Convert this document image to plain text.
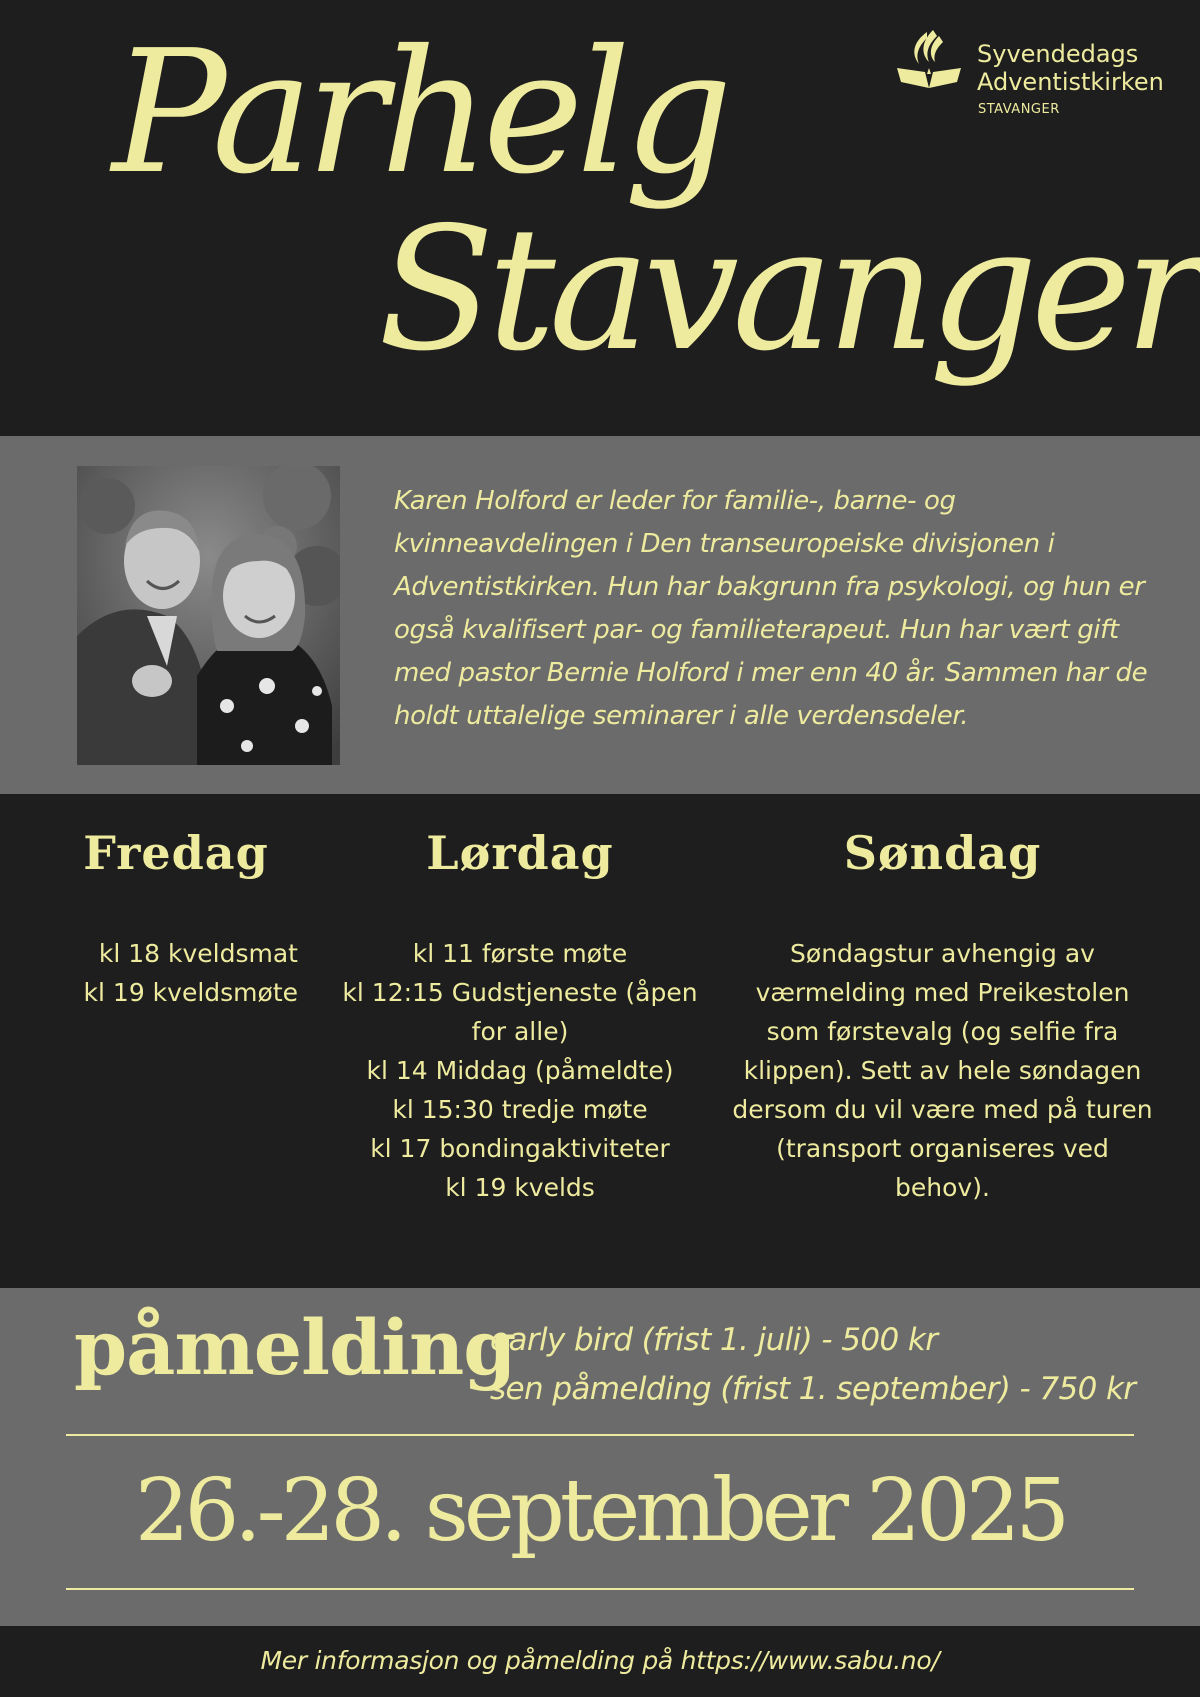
Parhelg
Stavanger
Syvendedags
Adventistkirken
STAVANGER

Karen Holford er leder for familie-, barne- og kvinneavdelingen i Den transeuropeiske divisjonen i Adventistkirken. Hun har bakgrunn fra psykologi, og hun er også kvalifisert par- og familieterapeut. Hun har vært gift med pastor Bernie Holford i mer enn 40 år. Sammen har de holdt uttalelige seminarer i alle verdensdeler.

Fredag	Lørdag	Søndag
kl 18 kveldsmat
kl 19 kveldsmøte
kl 11 første møte
kl 12:15 Gudstjeneste (åpen
for alle)
kl 14 Middag (påmeldte)
kl 15:30 tredje møte
kl 17 bondingaktiviteter
kl 19 kvelds
Søndagstur avhengig av værmelding med Preikestolen som førstevalg (og selfie fra klippen). Sett av hele søndagen dersom du vil være med på turen (transport organiseres ved behov).
påmelding
early bird (frist 1. juli) - 500 kr
sen påmelding (frist 1. september) - 750 kr
26.-28. september 2025
Mer informasjon og påmelding på https://www.sabu.no/
